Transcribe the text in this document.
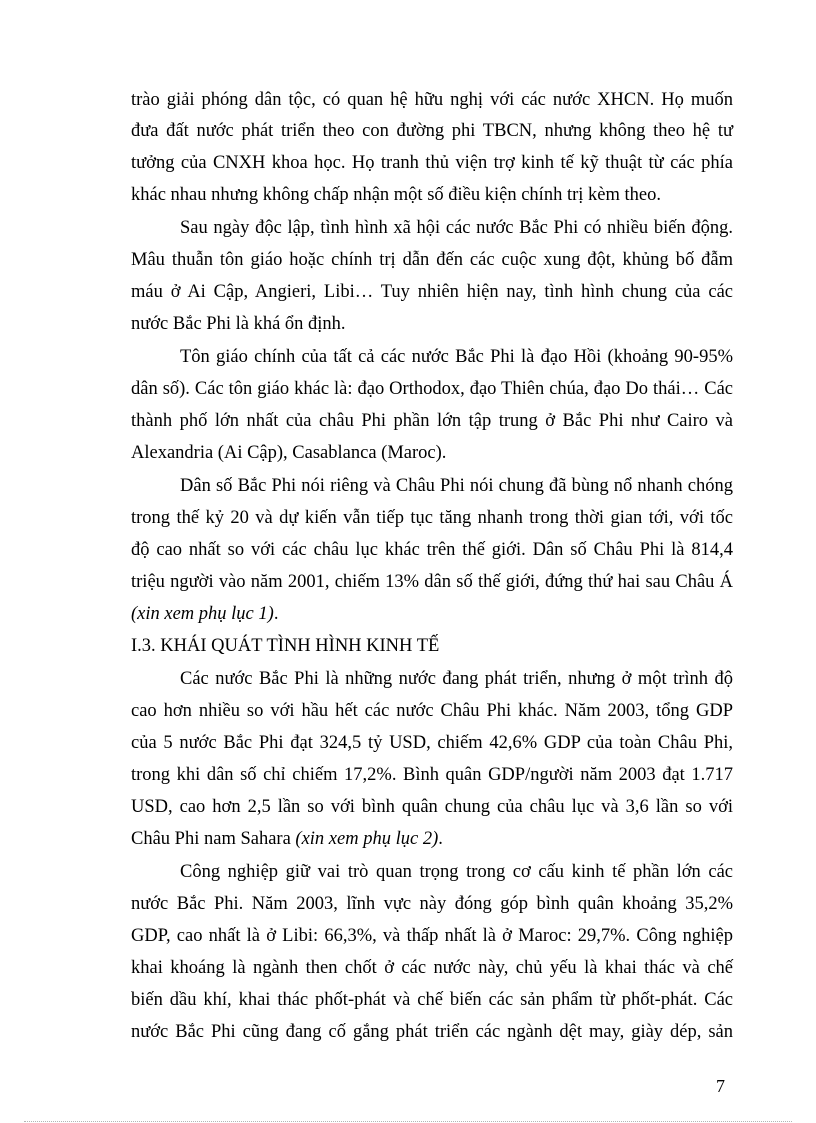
trào giải phóng dân tộc, có quan hệ hữu nghị với các nước XHCN. Họ muốn
đưa đất nước phát triển theo con đường phi TBCN, nhưng không theo hệ tư
tưởng của CNXH khoa học. Họ tranh thủ viện trợ kinh tế kỹ thuật từ các phía
khác nhau nhưng không chấp nhận một số điều kiện chính trị kèm theo.
Sau ngày độc lập, tình hình xã hội các nước Bắc Phi có nhiều biến động.
Mâu thuẫn tôn giáo hoặc chính trị dẫn đến các cuộc xung đột, khủng bố đẫm
máu ở Ai Cập, Angieri, Libi… Tuy nhiên hiện nay, tình hình chung của các
nước Bắc Phi là khá ổn định.
Tôn giáo chính của tất cả các nước Bắc Phi là đạo Hồi (khoảng 90-95%
dân số). Các tôn giáo khác là: đạo Orthodox, đạo Thiên chúa, đạo Do thái… Các
thành phố lớn nhất của châu Phi phần lớn tập trung ở Bắc Phi như Cairo và
Alexandria (Ai Cập), Casablanca (Maroc).
Dân số Bắc Phi nói riêng và Châu Phi nói chung đã bùng nổ nhanh chóng
trong thế kỷ 20 và dự kiến vẫn tiếp tục tăng nhanh trong thời gian tới, với tốc
độ cao nhất so với các châu lục khác trên thế giới. Dân số Châu Phi là 814,4
triệu người vào năm 2001, chiếm 13% dân số thế giới, đứng thứ hai sau Châu Á
(xin xem phụ lục 1).
I.3. KHÁI QUÁT TÌNH HÌNH KINH TẾ
Các nước Bắc Phi là những nước đang phát triển, nhưng ở một trình độ
cao hơn nhiều so với hầu hết các nước Châu Phi khác. Năm 2003, tổng GDP
của 5 nước Bắc Phi đạt 324,5 tỷ USD, chiếm 42,6% GDP của toàn Châu Phi,
trong khi dân số chỉ chiếm 17,2%. Bình quân GDP/người năm 2003 đạt 1.717
USD, cao hơn 2,5 lần so với bình quân chung của châu lục và 3,6 lần so với
Châu Phi nam Sahara (xin xem phụ lục 2).
Công nghiệp giữ vai trò quan trọng trong cơ cấu kinh tế phần lớn các
nước Bắc Phi. Năm 2003, lĩnh vực này đóng góp bình quân khoảng 35,2%
GDP, cao nhất là ở Libi: 66,3%, và thấp nhất là ở Maroc: 29,7%. Công nghiệp
khai khoáng là ngành then chốt ở các nước này, chủ yếu là khai thác và chế
biến dầu khí, khai thác phốt-phát và chế biến các sản phẩm từ phốt-phát. Các
nước Bắc Phi cũng đang cố gắng phát triển các ngành dệt may, giày dép, sản
7
